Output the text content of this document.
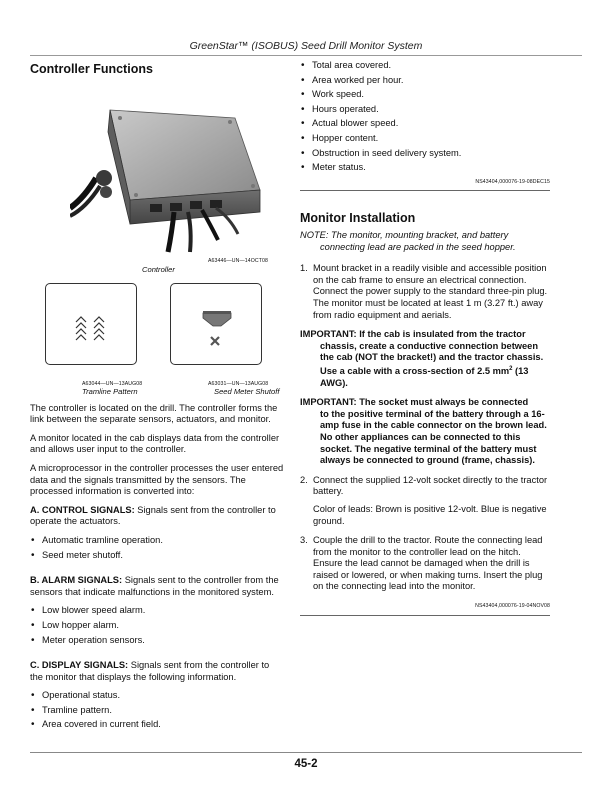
GreenStar™ (ISOBUS) Seed Drill Monitor System
Controller Functions
A63446—UN—14OCT08
Controller
A63044—UN—13AUG08
Tramline Pattern
A63031—UN—13AUG08
Seed Meter Shutoff

The controller is located on the drill. The controller forms the link between the separate sensors, actuators, and monitor.

A monitor located in the cab displays data from the controller and allows user input to the controller.

A microprocessor in the controller processes the user entered data and the signals transmitted by the sensors. The processed information is converted into:

A. CONTROL SIGNALS: Signals sent from the controller to operate the actuators.

• Automatic tramline operation.
• Seed meter shutoff.

B. ALARM SIGNALS: Signals sent to the controller from the sensors that indicate malfunctions in the monitored system.

• Low blower speed alarm.
• Low hopper alarm.
• Meter operation sensors.

C. DISPLAY SIGNALS: Signals sent from the controller to the monitor that displays the following information.

• Operational status.
• Tramline pattern.
• Area covered in current field.
• Total area covered.
• Area worked per hour.
• Work speed.
• Hours operated.
• Actual blower speed.
• Hopper content.
• Obstruction in seed delivery system.
• Meter status.
NS43404,000076-19-08DEC15
Monitor Installation
NOTE: The monitor, mounting bracket, and battery
connecting lead are packed in the seed hopper.
1. Mount bracket in a readily visible and accessible position on the cab frame to ensure an electrical connection. Connect the power supply to the standard three-pin plug. The monitor must be located at least 1 m (3.27 ft.) away from radio equipment and aerials.
IMPORTANT: If the cab is insulated from the tractor
chassis, create a conductive connection between the cab (NOT the bracket!) and the tractor chassis. Use a cable with a cross-section of 2.5 $mm^2$ (13 AWG).
IMPORTANT: The socket must always be connected
to the positive terminal of the battery through a 16-amp fuse in the cable connector on the brown lead. No other appliances can be connected to this socket. The negative terminal of the battery must always be connected to ground (frame, chassis).
2. Connect the supplied 12-volt socket directly to the tractor battery.
Color of leads: Brown is positive 12-volt. Blue is negative ground.
3. Couple the drill to the tractor. Route the connecting lead from the monitor to the controller lead on the hitch. Ensure the lead cannot be damaged when the drill is raised or lowered, or when making turns. Insert the plug on the connecting lead into the monitor.
NS43404,000076-19-04NOV08
45-2
